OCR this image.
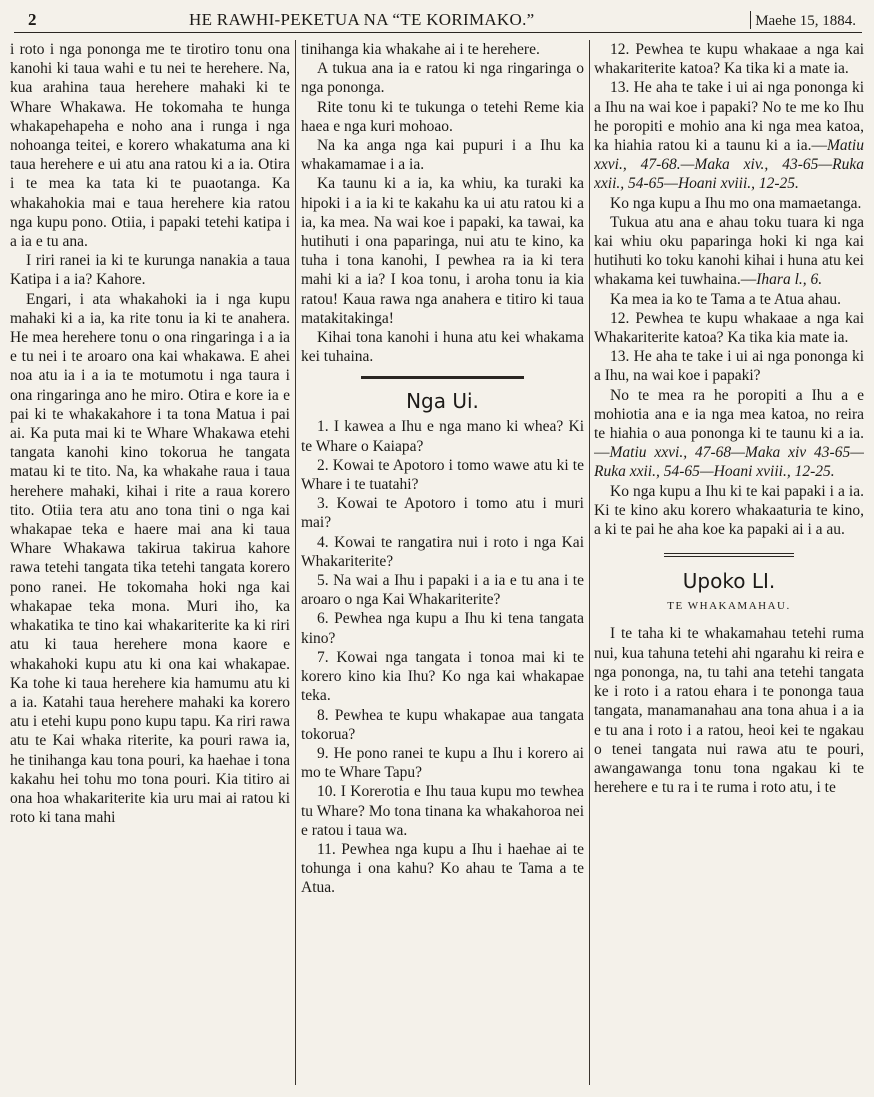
2	HE RAWHI-PEKETUA NA “TE KORIMAKO.”	Maehe 15, 1884.

i roto i nga pononga me te tirotiro tonu ona kanohi ki taua wahi e tu nei te herehere. Na, kua arahina taua herehere mahaki ki te Whare Whakawa. He tokomaha te hunga whakapehapeha e noho ana i runga i nga nohoanga teitei, e korero whakatuma ana ki taua herehere e ui atu ana ratou ki a ia. Otira i te mea ka tata ki te puaotanga. Ka whakahokia mai e taua herehere kia ratou nga kupu pono. Otiia, i papaki tetehi katipa i a ia e tu ana.

I riri ranei ia ki te kurunga nanakia a taua Katipa i a ia? Kahore.

Engari, i ata whakahoki ia i nga kupu mahaki ki a ia, ka rite tonu ia ki te anahera. He mea herehere tonu o ona ringaringa i a ia e tu nei i te aroaro ona kai whakawa. E ahei noa atu ia i a ia te motumotu i nga taura i ona ringaringa ano he miro. Otira e kore ia e pai ki te whakakahore i ta tona Matua i pai ai. Ka puta mai ki te Whare Whakawa etehi tangata kanohi kino tokorua he tangata matau ki te tito. Na, ka whakahe raua i taua herehere mahaki, kihai i rite a raua korero tito. Otiia tera atu ano tona tini o nga kai whakapae teka e haere mai ana ki taua Whare Whakawa takirua takirua kahore rawa tetehi tangata tika tetehi tangata korero pono ranei. He tokomaha hoki nga kai whakapae teka mona. Muri iho, ka whakatika te tino kai whakariterite ka ki riri atu ki taua herehere mona kaore e whakahoki kupu atu ki ona kai whakapae. Ka tohe ki taua herehere kia hamumu atu ki a ia. Katahi taua herehere mahaki ka korero atu i etehi kupu pono kupu tapu. Ka riri rawa atu te Kai whaka riterite, ka pouri rawa ia, he tinihanga kau tona pouri, ka haehae i tona kakahu hei tohu mo tona pouri. Kia titiro ai ona hoa whakariterite kia uru mai ai ratou ki roto ki tana mahi

tinihanga kia whakahe ai i te herehere.

A tukua ana ia e ratou ki nga ringaringa o nga pononga.

Rite tonu ki te tukunga o tetehi Reme kia haea e nga kuri mohoao.

Na ka anga nga kai pupuri i a Ihu ka whakamamae i a ia.

Ka taunu ki a ia, ka whiu, ka turaki ka hipoki i a ia ki te kakahu ka ui atu ratou ki a ia, ka mea. Na wai koe i papaki, ka tawai, ka hutihuti i ona paparinga, nui atu te kino, ka tuha i tona kanohi, I pewhea ra ia ki tera mahi ki a ia? I koa tonu, i aroha tonu ia kia ratou! Kaua rawa nga anahera e titiro ki taua matakitakinga!

Kihai tona kanohi i huna atu kei whakama kei tuhaina.

Nga Ui.

1. I kawea a Ihu e nga mano ki whea? Ki te Whare o Kaiapa?

2. Kowai te Apotoro i tomo wawe atu ki te Whare i te tuatahi?

3. Kowai te Apotoro i tomo atu i muri mai?

4. Kowai te rangatira nui i roto i nga Kai Whakariterite?

5. Na wai a Ihu i papaki i a ia e tu ana i te aroaro o nga Kai Whakariterite?

6. Pewhea nga kupu a Ihu ki tena tangata kino?

7. Kowai nga tangata i tonoa mai ki te korero kino kia Ihu? Ko nga kai whakapae teka.

8. Pewhea te kupu whakapae aua tangata tokorua?

9. He pono ranei te kupu a Ihu i korero ai mo te Whare Tapu?

10. I Korerotia e Ihu taua kupu mo tewhea tu Whare? Mo tona tinana ka whakahoroa nei e ratou i taua wa.

11. Pewhea nga kupu a Ihu i haehae ai te tohunga i ona kahu? Ko ahau te Tama a te Atua.

12. Pewhea te kupu whakaae a nga kai whakariterite katoa? Ka tika ki a mate ia.

13. He aha te take i ui ai nga pononga ki a Ihu na wai koe i papaki? No te me ko Ihu he poropiti e mohio ana ki nga mea katoa, ka hiahia ratou ki a taunu ki a ia.—Matiu xxvi., 47-68.—Maka xiv., 43-65—Ruka xxii., 54-65—Hoani xviii., 12-25.

Ko nga kupu a Ihu mo ona mamaetanga.

Tukua atu ana e ahau toku tuara ki nga kai whiu oku paparinga hoki ki nga kai hutihuti ko toku kanohi kihai i huna atu kei whakama kei tuwhaina.—Ihara l., 6.

Ka mea ia ko te Tama a te Atua ahau.

12. Pewhea te kupu whakaae a nga kai Whakariterite katoa? Ka tika kia mate ia.

13. He aha te take i ui ai nga pononga ki a Ihu, na wai koe i papaki?

No te mea ra he poropiti a Ihu a e mohiotia ana e ia nga mea katoa, no reira te hiahia o aua pononga ki te taunu ki a ia.—Matiu xxvi., 47-68—Maka xiv 43-65—Ruka xxii., 54-65—Hoani xviii., 12-25.

Ko nga kupu a Ihu ki te kai papaki i a ia. Ki te kino aku korero whakaaturia te kino, a ki te pai he aha koe ka papaki ai i a au.

Upoko LI.
TE WHAKAMAHAU.

I te taha ki te whakamahau tetehi ruma nui, kua tahuna tetehi ahi ngarahu ki reira e nga pononga, na, tu tahi ana tetehi tangata ke i roto i a ratou ehara i te pononga taua tangata, manamanahau ana tona ahua i a ia e tu ana i roto i a ratou, heoi kei te ngakau o tenei tangata nui rawa atu te pouri, awangawanga tonu tona ngakau ki te herehere e tu ra i te ruma i roto atu, i te
